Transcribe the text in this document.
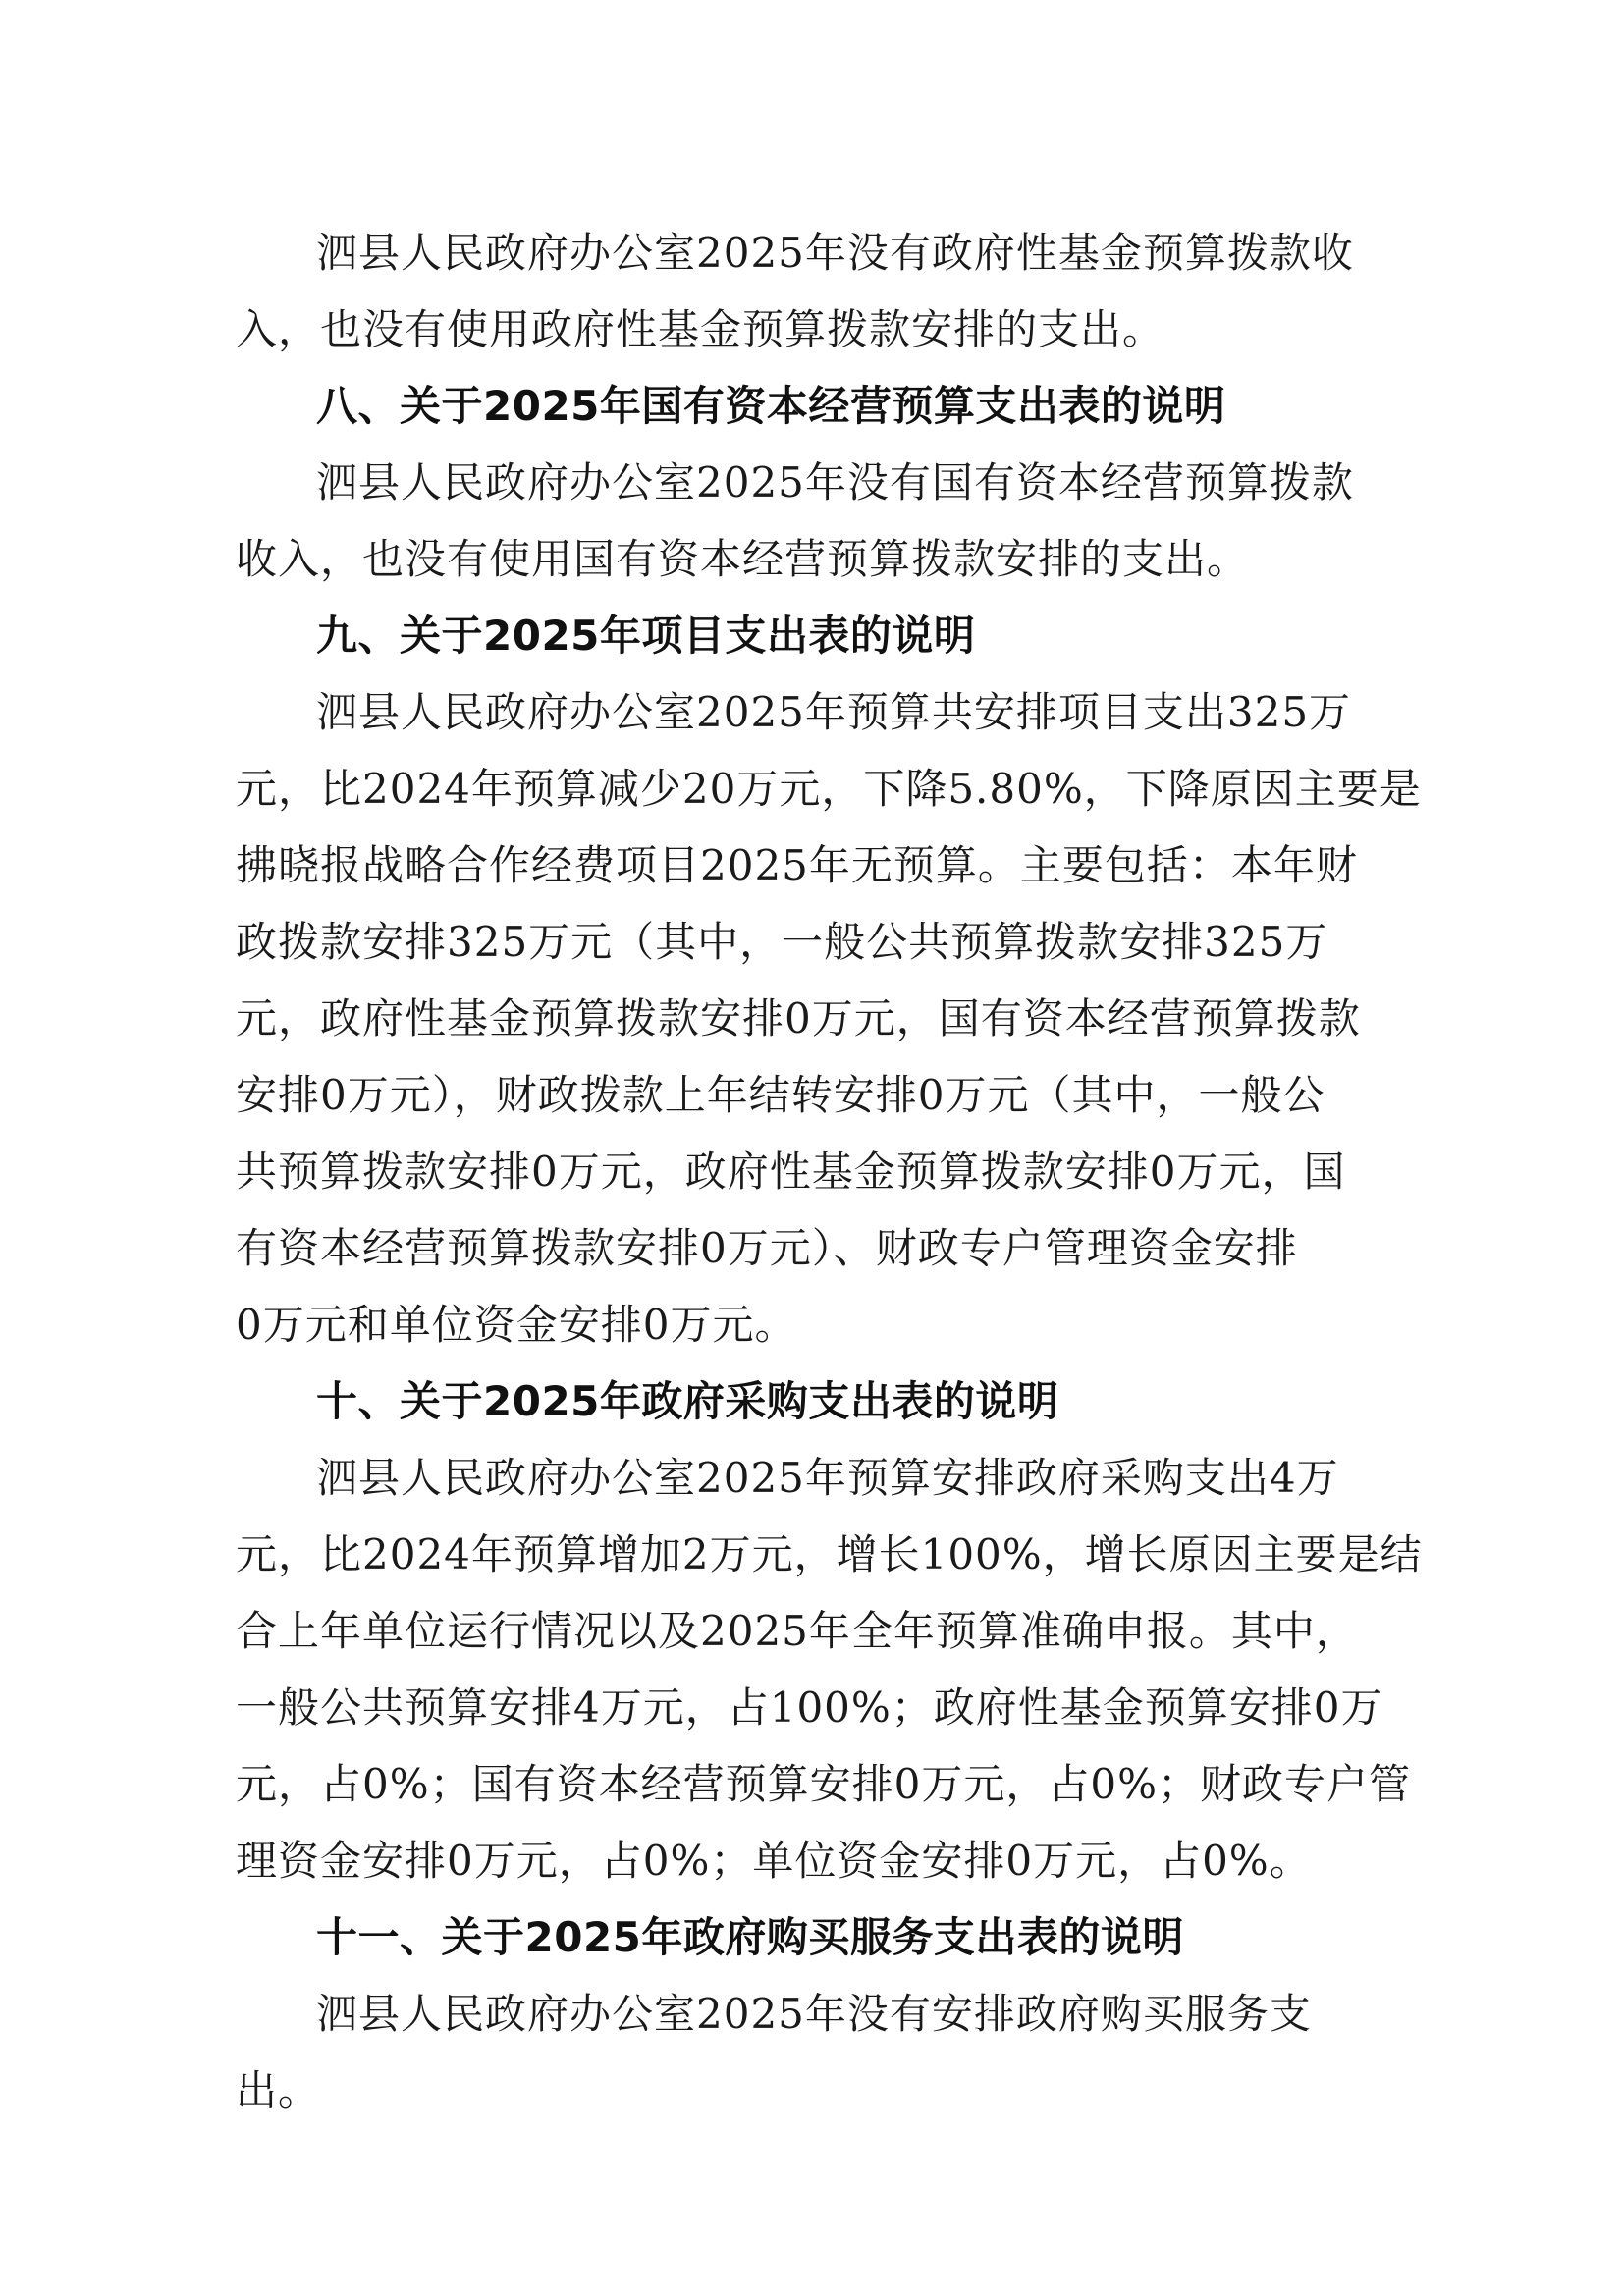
泗县人民政府办公室2025年没有政府性基金预算拨款收
入，也没有使用政府性基金预算拨款安排的支出。
八、关于2025年国有资本经营预算支出表的说明
泗县人民政府办公室2025年没有国有资本经营预算拨款
收入，也没有使用国有资本经营预算拨款安排的支出。
九、关于2025年项目支出表的说明
泗县人民政府办公室2025年预算共安排项目支出325万
元，比2024年预算减少20万元，下降5.80%，下降原因主要是
拂晓报战略合作经费项目2025年无预算。主要包括：本年财
政拨款安排325万元（其中，一般公共预算拨款安排325万
元，政府性基金预算拨款安排0万元，国有资本经营预算拨款
安排0万元），财政拨款上年结转安排0万元（其中，一般公
共预算拨款安排0万元，政府性基金预算拨款安排0万元，国
有资本经营预算拨款安排0万元）、财政专户管理资金安排
0万元和单位资金安排0万元。
十、关于2025年政府采购支出表的说明
泗县人民政府办公室2025年预算安排政府采购支出4万
元，比2024年预算增加2万元，增长100%，增长原因主要是结
合上年单位运行情况以及2025年全年预算准确申报。其中，
一般公共预算安排4万元，占100%；政府性基金预算安排0万
元，占0%；国有资本经营预算安排0万元，占0%；财政专户管
理资金安排0万元，占0%；单位资金安排0万元，占0%。
十一、关于2025年政府购买服务支出表的说明
泗县人民政府办公室2025年没有安排政府购买服务支
出。
